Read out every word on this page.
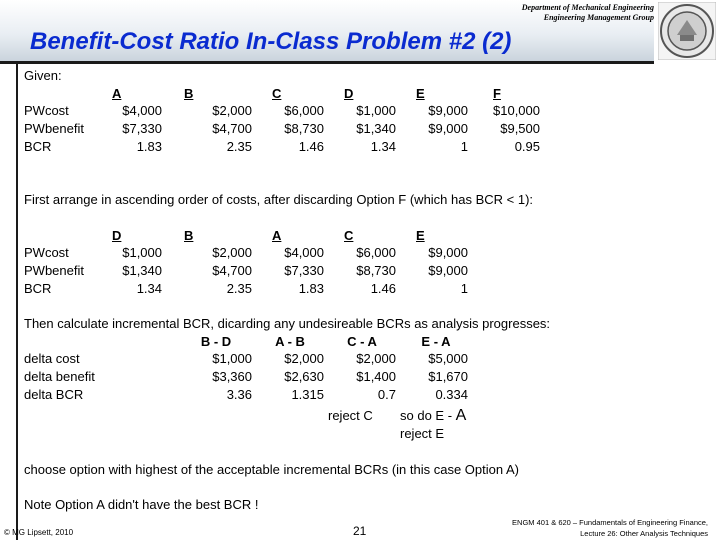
Department of Mechanical Engineering
Engineering Management Group
Benefit-Cost Ratio In-Class Problem #2 (2)
Given:
A	B	C	D	E	F
PWcost	$4,000	$2,000	$6,000	$1,000	$9,000	$10,000
PWbenefit	$7,330	$4,700	$8,730	$1,340	$9,000	$9,500
BCR	1.83	2.35	1.46	1.34	1	0.95
First arrange in ascending order of costs, after discarding Option F (which has BCR < 1):
D	B	A	C	E
PWcost	$1,000	$2,000	$4,000	$6,000	$9,000
PWbenefit	$1,340	$4,700	$7,330	$8,730	$9,000
BCR	1.34	2.35	1.83	1.46	1
Then calculate incremental BCR, dicarding any undesireable BCRs as analysis progresses:
B - D	A - B	C - A	E - A
delta cost	$1,000	$2,000	$2,000	$5,000
delta benefit	$3,360	$2,630	$1,400	$1,670
delta BCR	3.36	1.315	0.7	0.334
reject C so do E - A
reject E
choose option with highest of the acceptable incremental BCRs (in this case Option A)
Note Option A didn't have the best BCR !
© MG Lipsett, 2010	21
ENGM 401 & 620 – Fundamentals of Engineering Finance,
Lecture 26: Other Analysis Techniques
